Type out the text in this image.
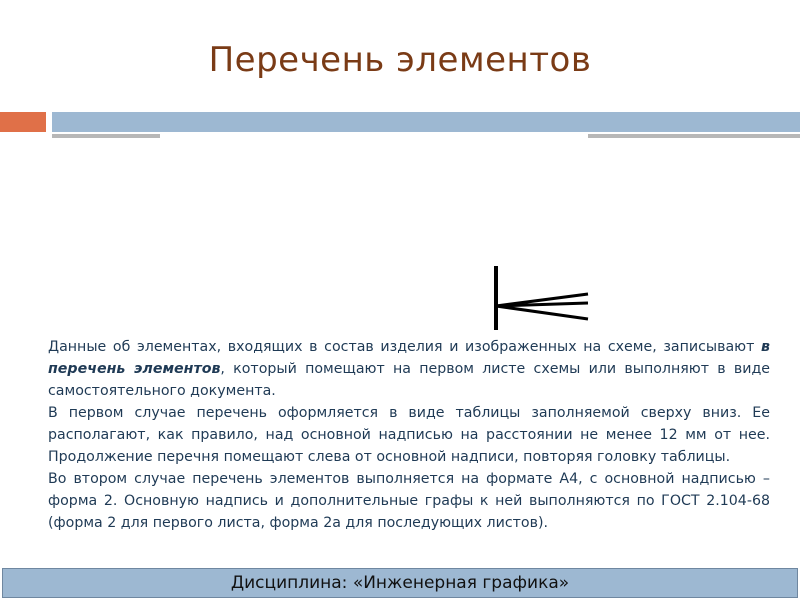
Перечень элементов

Данные об элементах, входящих в состав изделия и изображенных на схеме, записывают в перечень элементов, который помещают на первом листе схемы или выполняют в виде самостоятельного документа.

В первом случае перечень оформляется в виде таблицы заполняемой сверху вниз. Ее располагают, как правило, над основной надписью на расстоянии не менее 12 мм от нее. Продолжение перечня помещают слева от основной надписи, повторяя головку таблицы.

Во втором случае перечень элементов выполняется на формате А4, с основной надписью – форма 2. Основную надпись и дополнительные графы к ней выполняются по ГОСТ 2.104-68 (форма 2 для первого листа, форма 2а для последующих листов).

Дисциплина: «Инженерная графика»
